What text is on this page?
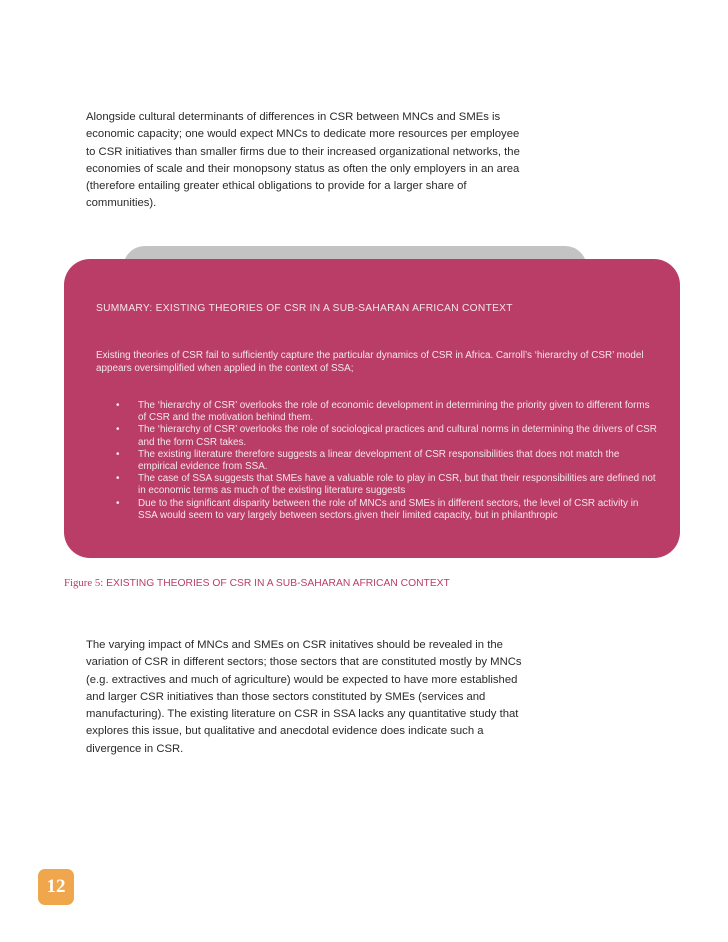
Alongside cultural determinants of differences in CSR between MNCs and SMEs is economic capacity; one would expect MNCs to dedicate more resources per employee to CSR initiatives than smaller firms due to their increased organizational networks, the economies of scale and their monopsony status as often the only employers in an area (therefore entailing greater ethical obligations to provide for a larger share of communities).

SUMMARY: EXISTING THEORIES OF CSR IN A SUB-SAHARAN AFRICAN CONTEXT

Existing theories of CSR fail to sufficiently capture the particular dynamics of CSR in Africa. Carroll’s ‘hierarchy of CSR’ model appears oversimplified when applied in the context of SSA;

• The ‘hierarchy of CSR’ overlooks the role of economic development in determining the priority given to different forms of CSR and the motivation behind them.
• The ‘hierarchy of CSR’ overlooks the role of sociological practices and cultural norms in determining the drivers of CSR and the form CSR takes.
• The existing literature therefore suggests a linear development of CSR responsibilities that does not match the empirical evidence from SSA.
• The case of SSA suggests that SMEs have a valuable role to play in CSR, but that their responsibilities are defined not in economic terms as much of the existing literature suggests
• Due to the significant disparity between the role of MNCs and SMEs in different sectors, the level of CSR activity in SSA would seem to vary largely between sectors.given their limited capacity, but in philanthropic

Figure 5: EXISTING THEORIES OF CSR IN A SUB-SAHARAN AFRICAN CONTEXT

The varying impact of MNCs and SMEs on CSR initatives should be revealed in the variation of CSR in different sectors; those sectors that are constituted mostly by MNCs (e.g. extractives and much of agriculture) would be expected to have more established and larger CSR initiatives than those sectors constituted by SMEs (services and manufacturing). The existing literature on CSR in SSA lacks any quantitative study that explores this issue, but qualitative and anecdotal evidence does indicate such a divergence in CSR.

12
